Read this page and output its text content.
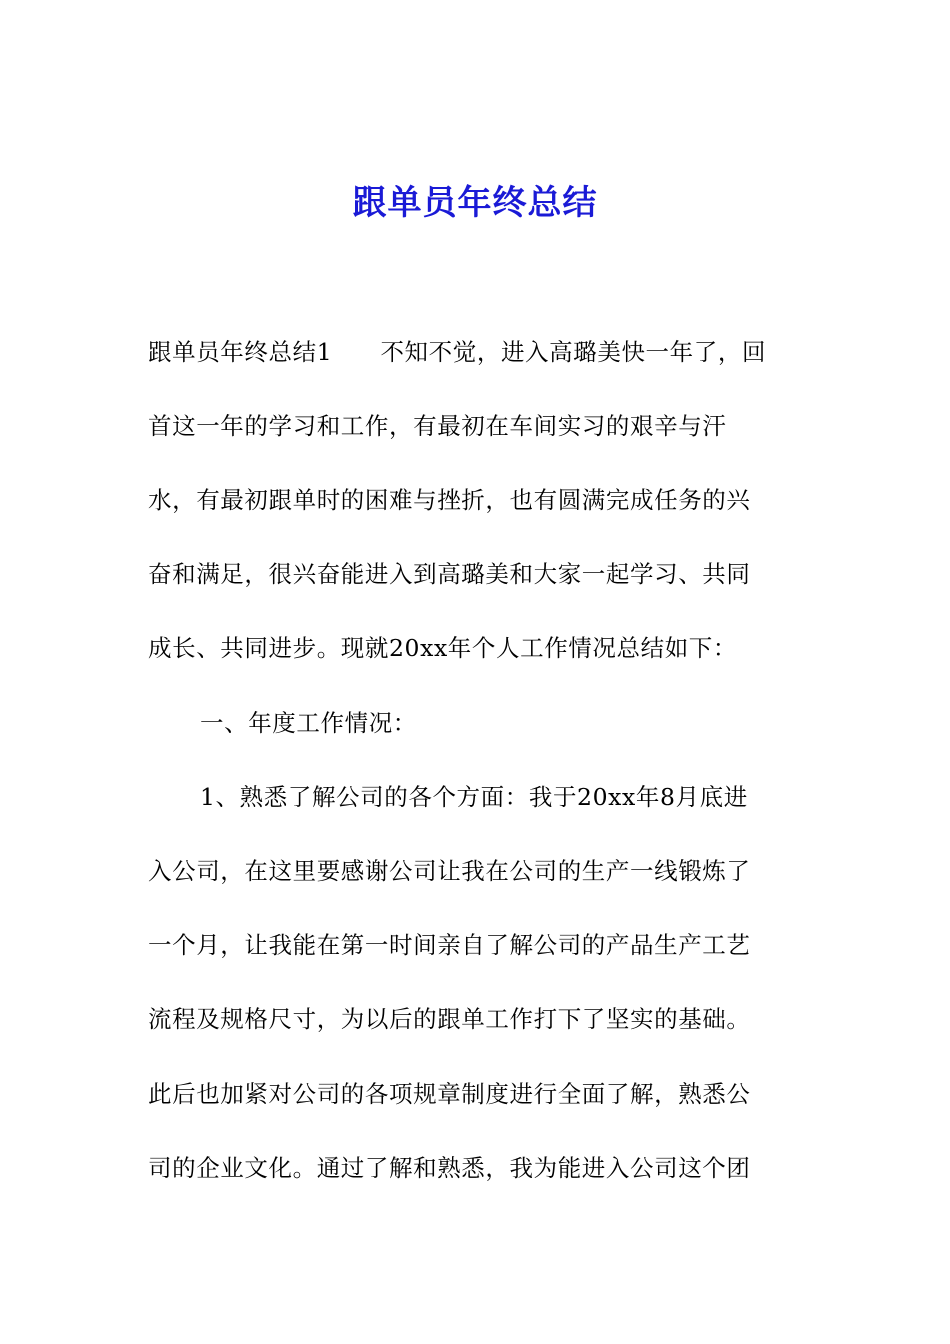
跟单员年终总结
跟单员年终总结1　　不知不觉，进入高璐美快一年了，回
首这一年的学习和工作，有最初在车间实习的艰辛与汗
水，有最初跟单时的困难与挫折，也有圆满完成任务的兴
奋和满足，很兴奋能进入到高璐美和大家一起学习、共同
成长、共同进步。现就20xx年个人工作情况总结如下：
一、年度工作情况：
1、熟悉了解公司的各个方面：我于20xx年8月底进
入公司，在这里要感谢公司让我在公司的生产一线锻炼了
一个月，让我能在第一时间亲自了解公司的产品生产工艺
流程及规格尺寸，为以后的跟单工作打下了坚实的基础。
此后也加紧对公司的各项规章制度进行全面了解，熟悉公
司的企业文化。通过了解和熟悉，我为能进入公司这个团
